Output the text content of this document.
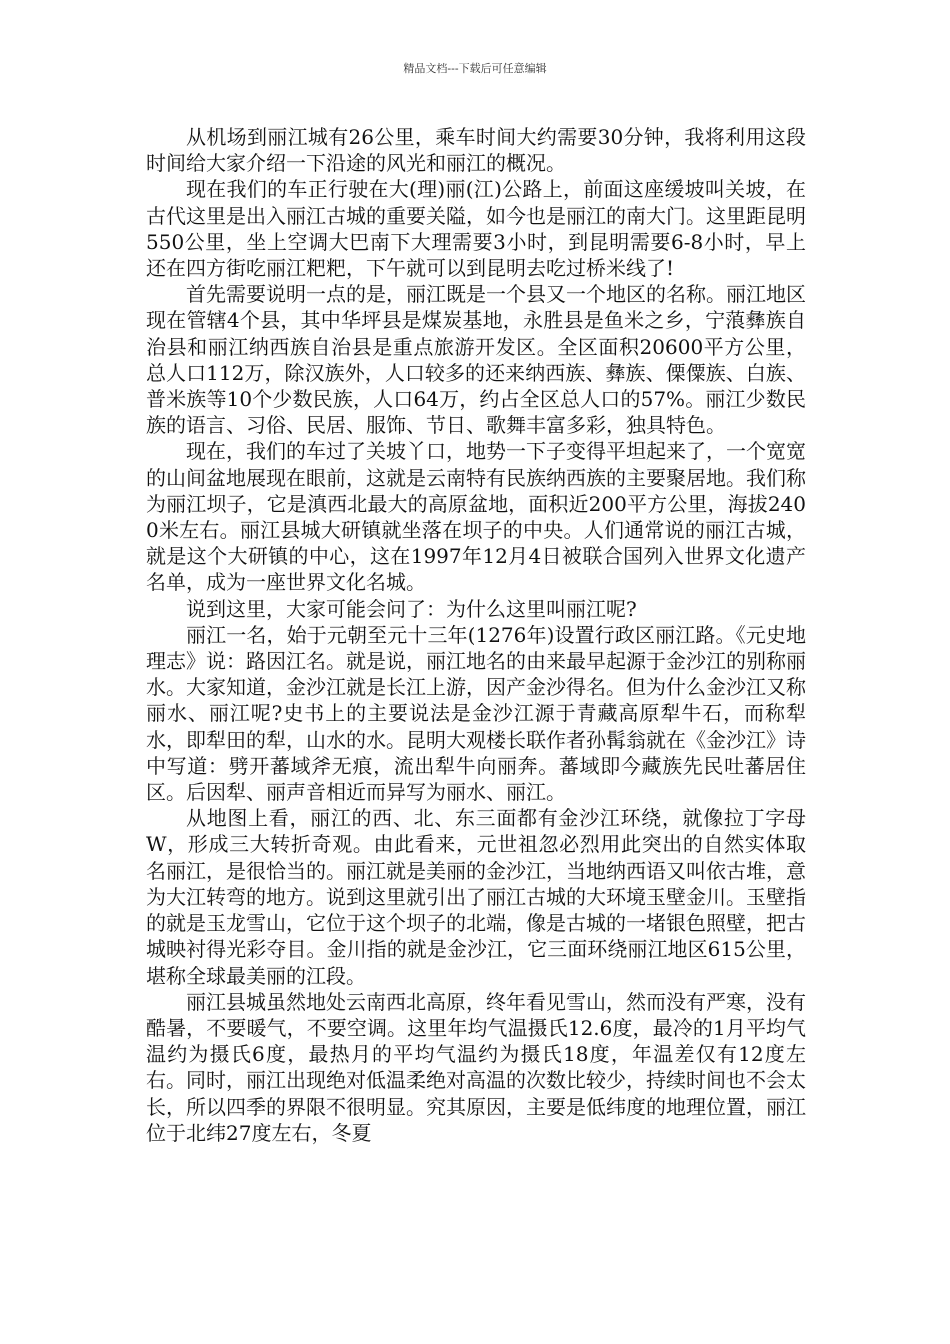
精品文档---下载后可任意编辑

从机场到丽江城有26公里，乘车时间大约需要30分钟，我将利用这段时间给大家介绍一下沿途的风光和丽江的概况。

现在我们的车正行驶在大(理)丽(江)公路上，前面这座缓坡叫关坡，在古代这里是出入丽江古城的重要关隘，如今也是丽江的南大门。这里距昆明550公里，坐上空调大巴南下大理需要3小时，到昆明需要6-8小时，早上还在四方街吃丽江粑粑，下午就可以到昆明去吃过桥米线了!

首先需要说明一点的是，丽江既是一个县又一个地区的名称。丽江地区现在管辖4个县，其中华坪县是煤炭基地，永胜县是鱼米之乡，宁蒗彝族自治县和丽江纳西族自治县是重点旅游开发区。全区面积20600平方公里，总人口112万，除汉族外，人口较多的还来纳西族、彝族、傈僳族、白族、普米族等10个少数民族，人口64万，约占全区总人口的57%。丽江少数民族的语言、习俗、民居、服饰、节日、歌舞丰富多彩，独具特色。

现在，我们的车过了关坡丫口，地势一下子变得平坦起来了，一个宽宽的山间盆地展现在眼前，这就是云南特有民族纳西族的主要聚居地。我们称为丽江坝子，它是滇西北最大的高原盆地，面积近200平方公里，海拔2400米左右。丽江县城大研镇就坐落在坝子的中央。人们通常说的丽江古城，就是这个大研镇的中心，这在1997年12月4日被联合国列入世界文化遗产名单，成为一座世界文化名城。

说到这里，大家可能会问了：为什么这里叫丽江呢?

丽江一名，始于元朝至元十三年(1276年)设置行政区丽江路。《元史地理志》说：路因江名。就是说，丽江地名的由来最早起源于金沙江的别称丽水。大家知道，金沙江就是长江上游，因产金沙得名。但为什么金沙江又称丽水、丽江呢?史书上的主要说法是金沙江源于青藏高原犁牛石，而称犁水，即犁田的犁，山水的水。昆明大观楼长联作者孙髯翁就在《金沙江》诗中写道：劈开蕃域斧无痕，流出犁牛向丽奔。蕃域即今藏族先民吐蕃居住区。后因犁、丽声音相近而异写为丽水、丽江。

从地图上看，丽江的西、北、东三面都有金沙江环绕，就像拉丁字母W，形成三大转折奇观。由此看来，元世祖忽必烈用此突出的自然实体取名丽江，是很恰当的。丽江就是美丽的金沙江，当地纳西语又叫依古堆，意为大江转弯的地方。说到这里就引出了丽江古城的大环境玉壁金川。玉壁指的就是玉龙雪山，它位于这个坝子的北端，像是古城的一堵银色照壁，把古城映衬得光彩夺目。金川指的就是金沙江，它三面环绕丽江地区615公里，堪称全球最美丽的江段。

丽江县城虽然地处云南西北高原，终年看见雪山，然而没有严寒，没有酷暑，不要暖气，不要空调。这里年均气温摄氏12.6度，最冷的1月平均气温约为摄氏6度，最热月的平均气温约为摄氏18度，年温差仅有12度左右。同时，丽江出现绝对低温柔绝对高温的次数比较少，持续时间也不会太长，所以四季的界限不很明显。究其原因，主要是低纬度的地理位置，丽江位于北纬27度左右，冬夏
